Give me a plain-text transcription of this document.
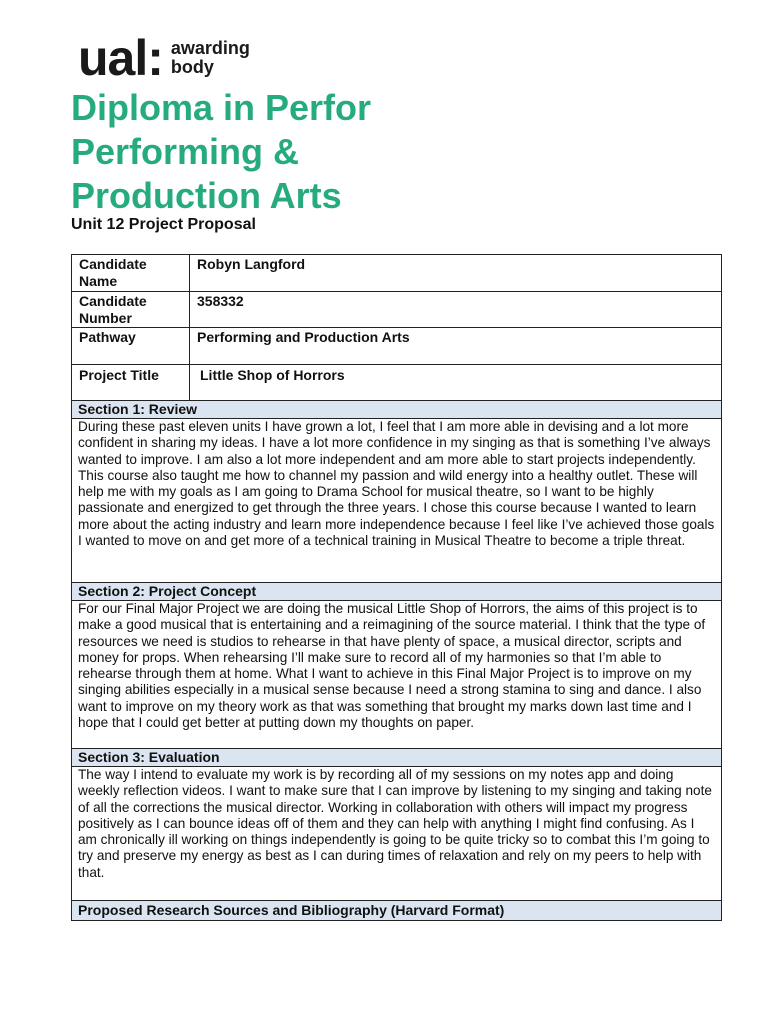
ual: awarding
body
Diploma in Perfor
Performing &
Production Arts
Unit 12 Project Proposal
Candidate Name
Robyn Langford
Candidate Number
358332
Pathway	Performing and Production Arts
Project Title	Little Shop of Horrors
Section 1: Review
During these past eleven units I have grown a lot, I feel that I am more able in devising and a lot more confident in sharing my ideas. I have a lot more confidence in my singing as that is something I’ve always wanted to improve. I am also a lot more independent and am more able to start projects independently. This course also taught me how to channel my passion and wild energy into a healthy outlet. These will help me with my goals as I am going to Drama School for musical theatre, so I want to be highly passionate and energized to get through the three years. I chose this course because I wanted to learn more about the acting industry and learn more independence because I feel like I’ve achieved those goals I wanted to move on and get more of a technical training in Musical Theatre to become a triple threat.
Section 2: Project Concept
For our Final Major Project we are doing the musical Little Shop of Horrors, the aims of this project is to make a good musical that is entertaining and a reimagining of the source material. I think that the type of resources we need is studios to rehearse in that have plenty of space, a musical director, scripts and money for props. When rehearsing I’ll make sure to record all of my harmonies so that I’m able to rehearse through them at home. What I want to achieve in this Final Major Project is to improve on my singing abilities especially in a musical sense because I need a strong stamina to sing and dance. I also want to improve on my theory work as that was something that brought my marks down last time and I hope that I could get better at putting down my thoughts on paper.
Section 3: Evaluation
The way I intend to evaluate my work is by recording all of my sessions on my notes app and doing weekly reflection videos. I want to make sure that I can improve by listening to my singing and taking note of all the corrections the musical director. Working in collaboration with others will impact my progress positively as I can bounce ideas off of them and they can help with anything I might find confusing. As I am chronically ill working on things independently is going to be quite tricky so to combat this I’m going to try and preserve my energy as best as I can during times of relaxation and rely on my peers to help with that.
Proposed Research Sources and Bibliography (Harvard Format)
